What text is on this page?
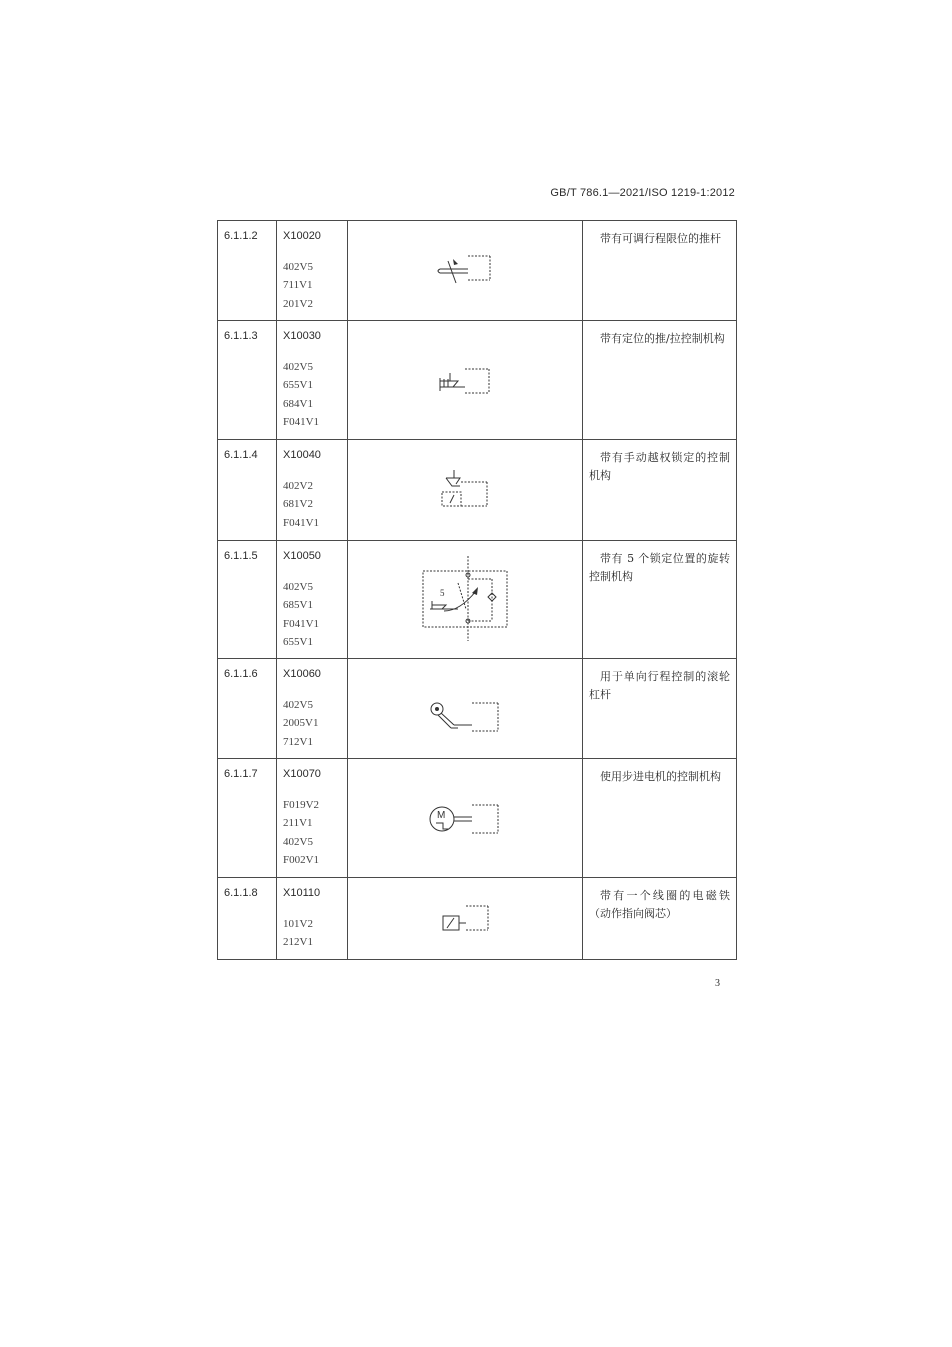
GB/T 786.1—2021/ISO 1219-1:2012
6.1.1.2	X10020
402V5
711V1
201V2		带有可调行程限位的推杆

6.1.1.3	X10030
402V5
655V1
684V1
F041V1		带有定位的推/拉控制机构

6.1.1.4	X10040
402V2
681V2
F041V1		带有手动越权锁定的控制机构

6.1.1.5	X10050
402V5
685V1
F041V1
655V1	5	带有 5 个锁定位置的旋转控制机构

6.1.1.6	X10060
402V5
2005V1
712V1		用于单向行程控制的滚轮杠杆

6.1.1.7	X10070
F019V2
211V1
402V5
F002V1	M	使用步进电机的控制机构

6.1.1.8	X10110
101V2
212V1		带有一个线圈的电磁铁（动作指向阀芯）
3
